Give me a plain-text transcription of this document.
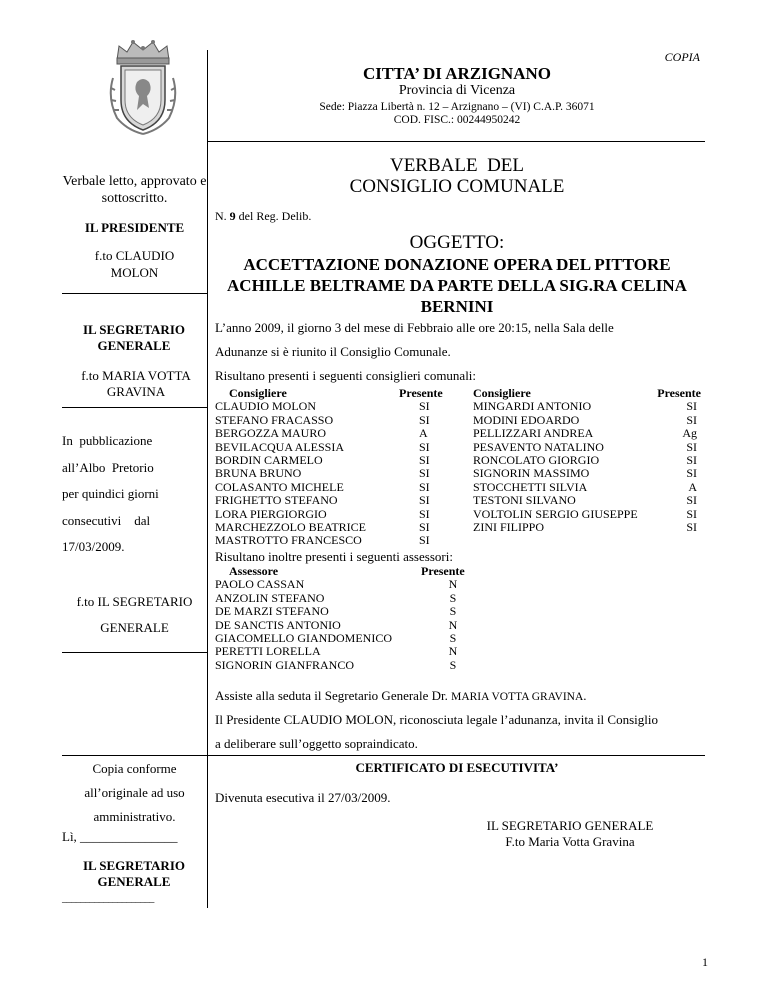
COPIA
CITTA’ DI ARZIGNANO
Provincia di Vicenza
Sede: Piazza Libertà n. 12 – Arzignano – (VI) C.A.P. 36071
COD. FISC.: 00244950242
Verbale letto, approvato e sottoscritto.
IL PRESIDENTE
f.to CLAUDIO MOLON
IL SEGRETARIO GENERALE
f.to MARIA VOTTA GRAVINA
In  pubblicazione
all’Albo  Pretorio
per quindici giorni
consecutivi    dal
17/03/2009.
f.to IL SEGRETARIO
GENERALE
Copia conforme
all’originale ad uso
amministrativo.
Lì, _______________
IL SEGRETARIO GENERALE
____________________
VERBALE  DEL
CONSIGLIO COMUNALE
N. 9 del Reg. Delib.
OGGETTO:
ACCETTAZIONE DONAZIONE OPERA DEL PITTORE ACHILLE BELTRAME DA PARTE DELLA SIG.RA CELINA BERNINI
L’anno 2009, il giorno 3 del mese di Febbraio alle ore 20:15, nella Sala delle
Adunanze si è riunito il Consiglio Comunale.
Risultano presenti i seguenti consiglieri comunali:
Consigliere	Presente	Consigliere	Presente
CLAUDIO MOLON	SI	MINGARDI ANTONIO	SI
STEFANO FRACASSO	SI	MODINI EDOARDO	SI
BERGOZZA MAURO	A	PELLIZZARI ANDREA	Ag
BEVILACQUA ALESSIA	SI	PESAVENTO NATALINO	SI
BORDIN CARMELO	SI	RONCOLATO GIORGIO	SI
BRUNA BRUNO	SI	SIGNORIN MASSIMO	SI
COLASANTO MICHELE	SI	STOCCHETTI SILVIA	A
FRIGHETTO STEFANO	SI	TESTONI SILVANO	SI
LORA PIERGIORGIO	SI	VOLTOLIN SERGIO GIUSEPPE	SI
MARCHEZZOLO BEATRICE	SI	ZINI FILIPPO	SI
MASTROTTO FRANCESCO	SI
Risultano inoltre presenti i seguenti assessori:
Assessore	Presente
PAOLO CASSAN	N
ANZOLIN STEFANO	S
DE MARZI STEFANO	S
DE SANCTIS ANTONIO	N
GIACOMELLO GIANDOMENICO	S
PERETTI LORELLA	N
SIGNORIN GIANFRANCO	S
Assiste alla seduta il Segretario Generale Dr. MARIA VOTTA GRAVINA.
Il Presidente CLAUDIO MOLON, riconosciuta legale l’adunanza, invita il Consiglio
a deliberare sull’oggetto sopraindicato.
CERTIFICATO DI ESECUTIVITA’
Divenuta esecutiva il 27/03/2009.
IL SEGRETARIO GENERALE
F.to Maria Votta Gravina
1
